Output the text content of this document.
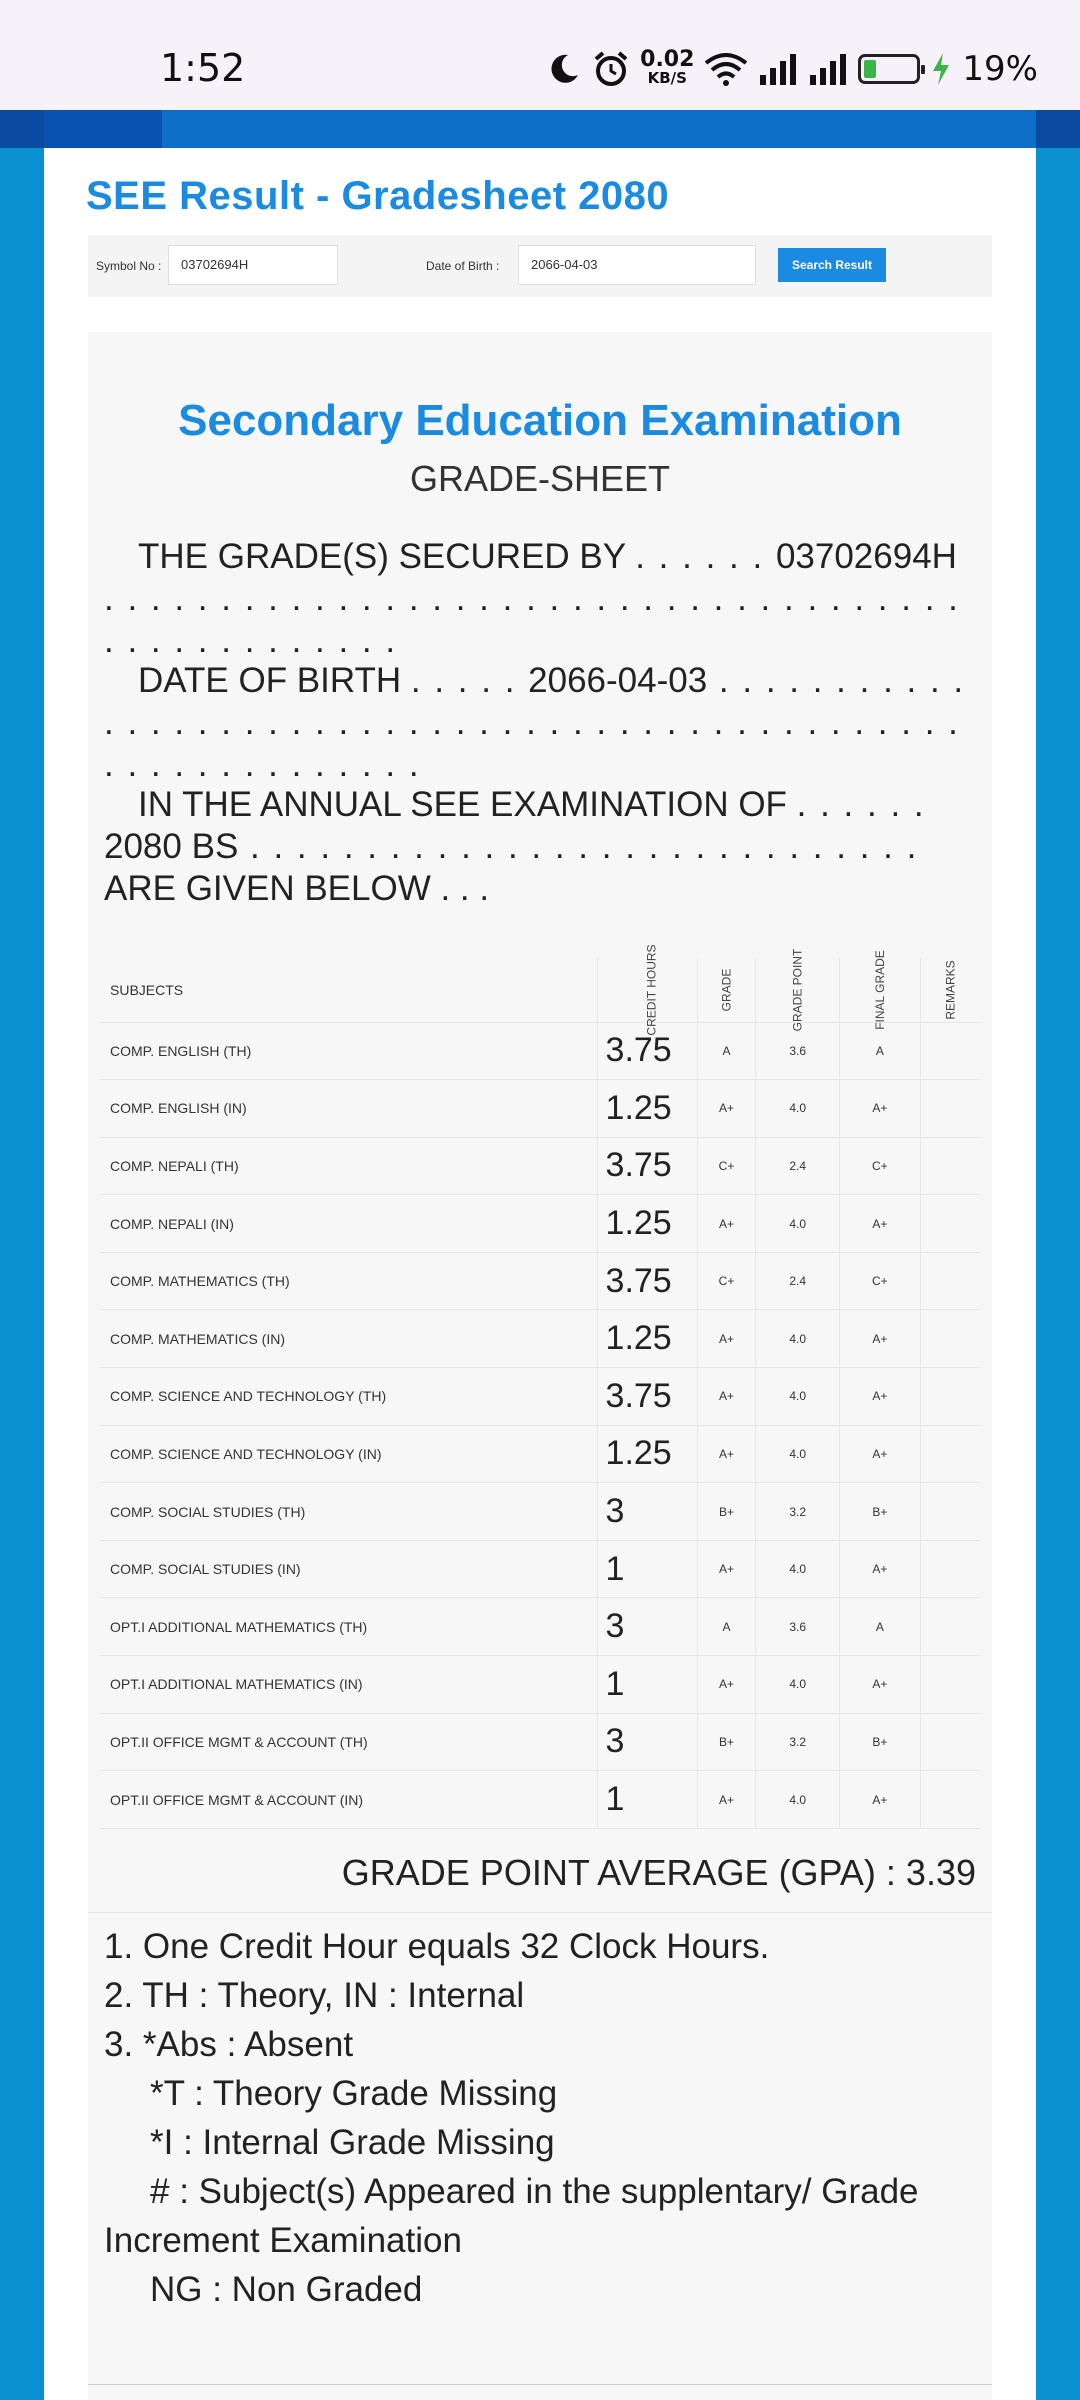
1:52	0.02
KB/S	19%
SEE Result - Gradesheet 2080
Symbol No :	03702694H	Date of Birth :	2066-04-03	Search Result
Secondary Education Examination
GRADE-SHEET
THE GRADE(S) SECURED BY . . . . . . 03702694H . . . . . . . . . . . . . . . . . . . . . . . . . . . . . . . . . . . . . . . . . . . . . . . . . .
DATE OF BIRTH . . . . . 2066-04-03 . . . . . . . . . . . . . . . . . . . . . . . . . . . . . . . . . . . . . . . . . . . . . . . . . . . . . . . . . . . . . .
IN THE ANNUAL SEE EXAMINATION OF . . . . . . 2080 BS . . . . . . . . . . . . . . . . . . . . . . . . . . . . . ARE GIVEN BELOW . . .
SUBJECTS	CREDIT HOURS	GRADE	GRADE POINT	FINAL GRADE	REMARKS
COMP. ENGLISH (TH)	3.75	A	3.6	A	
COMP. ENGLISH (IN)	1.25	A+	4.0	A+	
COMP. NEPALI (TH)	3.75	C+	2.4	C+	
COMP. NEPALI (IN)	1.25	A+	4.0	A+	
COMP. MATHEMATICS (TH)	3.75	C+	2.4	C+	
COMP. MATHEMATICS (IN)	1.25	A+	4.0	A+	
COMP. SCIENCE AND TECHNOLOGY (TH)	3.75	A+	4.0	A+	
COMP. SCIENCE AND TECHNOLOGY (IN)	1.25	A+	4.0	A+	
COMP. SOCIAL STUDIES (TH)	3	B+	3.2	B+	
COMP. SOCIAL STUDIES (IN)	1	A+	4.0	A+	
OPT.I ADDITIONAL MATHEMATICS (TH)	3	A	3.6	A	
OPT.I ADDITIONAL MATHEMATICS (IN)	1	A+	4.0	A+	
OPT.II OFFICE MGMT & ACCOUNT (TH)	3	B+	3.2	B+	
OPT.II OFFICE MGMT & ACCOUNT (IN)	1	A+	4.0	A+	
GRADE POINT AVERAGE (GPA) : 3.39
1. One Credit Hour equals 32 Clock Hours.
2. TH : Theory, IN : Internal
3. *Abs : Absent
*T : Theory Grade Missing
*I : Internal Grade Missing
# : Subject(s) Appeared in the supplentary/ Grade Increment Examination
NG : Non Graded
